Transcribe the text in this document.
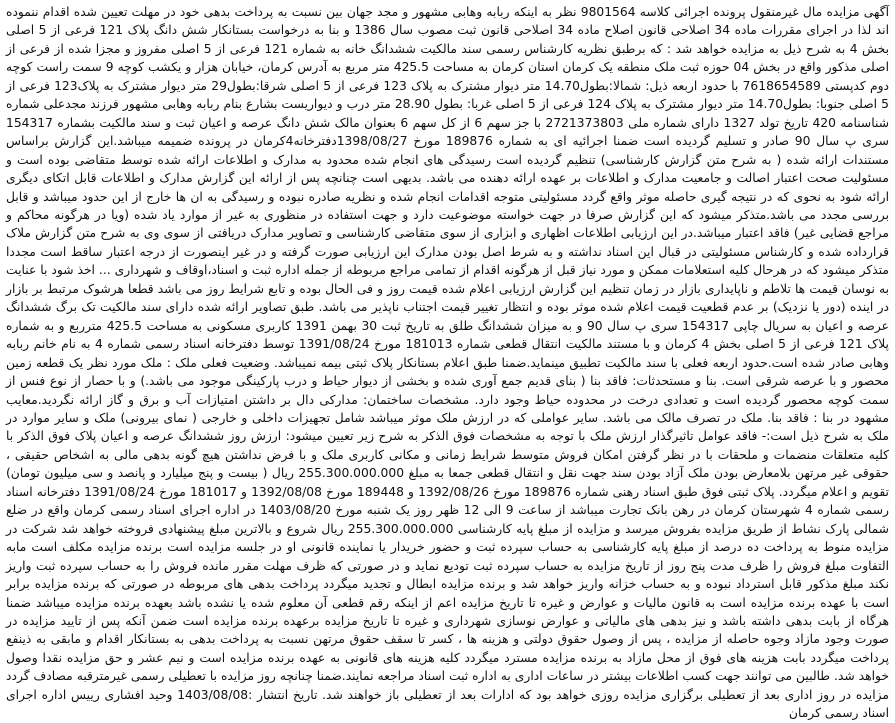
آگهی مزایده مال غیرمنقول پرونده اجرائی کلاسه 9801564 نظر به اینکه ربابه وهابی مشهور و مجد جهان بین نسبت به پرداخت بدهی خود در مهلت تعیین شده اقدام ننموده اند لذا در اجرای مقررات ماده 34 اصلاحی قانون اصلاح ماده 34 اصلاحی قانون ثبت مصوب سال 1386 و بنا به درخواست بستانکار شش دانگ پلاک 121 فرعی از 5 اصلی بخش 4 به شرح ذیل به مزایده خواهد شد : که برطبق نظریه کارشناس رسمی سند مالکیت ششدانگ خانه به شماره 121 فرعی از 5 اصلی مفروز و مجزا شده از فرعی از اصلی مذکور واقع در بخش 04 حوزه ثبت ملک منطقه یک کرمان استان کرمان به مساحت 425.5 متر مربع به آدرس کرمان، خیابان هزار و یکشب کوچه 9 سمت راست کوچه دوم کدپستی 7618654589 با حدود اربعه ذیل: شمالا:بطول14.70 متر دیوار مشترک به پلاک 123 فرعی از 5 اصلی شرقا:بطول29 متر دیوار مشترک به پلاک123 فرعی از 5 اصلی جنوبا: بطول14.70 متر دیوار مشترک به پلاک 124 فرعی از 5 اصلی غربا: بطول 28.90 متر درب و دیواریست بشارع بنام ربابه وهابی مشهور فرزند مجدعلی شماره شناسنامه 420 تاریخ تولد 1327 دارای شماره ملی 2721373803 با جز سهم 6 از کل سهم 6 بعنوان مالک شش دانگ عرصه و اعیان ثبت و سند مالکیت بشماره 154317 سری پ سال 90 صادر و تسلیم گردیده است ضمنا اجرائیه ای به شماره 189876 مورخ 1398/08/27دفترخانه4کرمان در پرونده ضمیمه میباشد.این گزارش براساس مستندات ارائه شده ( به شرح متن گزارش کارشناسی) تنظیم گردیده است رسیدگی های انجام شده محدود به مدارک و اطلاعات ارائه شده توسط متقاضی بوده است و مسئولیت صحت اعتبار اصالت و جامعیت مدارک و اطلاعات بر عهده ارائه دهنده می باشد. بدیهی است چنانچه پس از ارائه این گزارش مدارک و اطلاعات قابل اتکای دیگری ارائه شود به نحوی که در نتیجه گیری حاصله موثر واقع گردد مسئولیتی متوجه اقدامات انجام شده و نظریه صادره نبوده و رسیدگی به ان ها خارج از این حدود میباشد و قابل بررسی مجدد می باشد.متذکر میشود که این گزارش صرفا در جهت خواسته موضوعیت دارد و جهت استفاده در منظوری به غیر از موارد یاد شده (ویا در هرگونه محاکم و مراجع قضایی غیر) فاقد اعتبار میباشد.در این ارزیابی اطلاعات اظهاری و ابزاری از سوی متقاضی کارشناسی و تصاویر مدارک دریافتی از سوی وی به شرح متن گزارش ملاک قرارداده شده و کارشناس مسئولیتی در قبال این اسناد نداشته و به شرط اصل بودن مدارک این ارزیابی صورت گرفته و در غیر اینصورت از درجه اعتبار ساقط است مجددا متذکر میشود که در هرحال کلیه استعلامات ممکن و مورد نیاز قبل از هرگونه اقدام از تمامی مراجع مربوطه از جمله اداره ثبت و اسناد،اوقاف و شهرداری ... اخذ شود با عنایت به نوسان قیمت ها تلاطم و ناپایداری بازار در زمان تنظیم این گزارش ارزیابی اعلام شده قیمت روز و فی الحال بوده و تابع شرایط روز می باشد قطعا هرشوک مرتبط بر بازار در اینده (دور یا نزدیک) بر عدم قطعیت قیمت اعلام شده موثر بوده و انتظار تغییر قیمت اجتناب ناپذیر می باشد. طبق تصاویر ارائه شده دارای سند مالکیت تک برگ ششدانگ عرصه و اعیان به سریال چاپی 154317 سری پ سال 90 و به میزان ششدانگ طلق به تاریخ ثبت 30 بهمن 1391 کاربری مسکونی به مساحت 425.5 مترربع و به شماره پلاک 121 فرعی از 5 اصلی بخش 4 کرمان و با مستند مالکیت انتقال قطعی شماره 181013 مورخ 1391/08/24 توسط دفترخانه اسناد رسمی شماره 4 به نام خانم ربابه وهابی صادر شده است.حدود اربعه فعلی با سند مالکیت تطبیق مینماید.ضمنا طبق اعلام بستانکار پلاک ثبتی بیمه نمیباشد. وضعیت فعلی ملک : ملک مورد نظر یک قطعه زمین محصور و با عرصه شرقی است. بنا و مستحدثات: فاقد بنا ( بنای قدیم جمع آوری شده و بخشی از دیوار حیاط و درب پارکینگی موجود می باشد.) و با حصار از نوع فنس از سمت کوچه محصور گردیده است و تعدادی درخت در محدوده حیاط وجود دارد. مشخصات ساختمان: مدارکی دال بر داشتن امتیازات آب و برق و گاز ارائه نگردید.معایب مشهود در بنا : فاقد بنا. ملک در تصرف مالک می باشد. سایر عواملی که در ارزش ملک موثر میباشد شامل تجهیزات داخلی و خارجی ( نمای بیرونی) ملک و سایر موارد در ملک به شرح ذیل است:- فاقد عوامل تاثیرگذار ارزش ملک با توجه به مشخصات فوق الذکر به شرح زیر تعیین میشود: ارزش روز ششدانگ عرصه و اعیان پلاک فوق الذکر با کلیه متعلقات منضمات و ملحقات با در نظر گرفتن امکان فروش متوسط شرایط زمانی و مکانی کاربری ملک و با فرض نداشتن هیچ گونه بدهی مالی به اشخاص حقیقی ، حقوقی غیر مرتهن بلامعارض بودن ملک آزاد بودن سند جهت نقل و انتقال قطعی جمعا به مبلغ 255.300.000.000 ریال ( بیست و پنج میلیارد و پانصد و سی میلیون تومان) تقویم و اعلام میگردد. پلاک ثبتی فوق طبق اسناد رهنی شماره 189876 مورخ 1392/08/26 و 189448 مورخ 1392/08/08 و 181017 مورخ 1391/08/24 دفترخانه اسناد رسمی شماره 4 شهرستان کرمان در رهن بانک تجارت میباشد از ساعت 9 الی 12 ظهر روز یک شنبه مورخ 1403/08/20 در اداره اجرای اسناد رسمی کرمان واقع در ضلع شمالی پارک نشاط از طریق مزایده بفروش میرسد و مزایده از مبلغ پایه کارشناسی 255.300.000.000 ریال شروع و بالاترین مبلغ پیشنهادی فروخته خواهد شد شرکت در مزایده منوط به پرداخت ده درصد از مبلغ پایه کارشناسی به حساب سپرده ثبت و حضور خریدار یا نماینده قانونی او در جلسه مزایده است برنده مزایده مکلف است مابه التفاوت مبلغ فروش را ظرف مدت پنج روز از تاریخ مزایده به حساب سپرده ثبت تودیع نماید و در صورتی که ظرف مهلت مقرر مانده فروش را به حساب سپرده ثبت واریز نکند مبلغ مذکور قابل استرداد نبوده و به حساب خزانه واریز خواهد شد و برنده مزایده ابطال و تجدید میگردد پرداخت بدهی های مربوطه در صورتی که برنده مزایده برابر است با عهده برنده مزایده است به قانون مالیات و عوارض و غیره تا تاریخ مزایده اعم از اینکه رقم قطعی آن معلوم شده یا نشده باشد بعهده برنده مزایده میباشد ضمنا هرگاه از بابت بدهی داشته باشد و نیز بدهی های مالیاتی و عوارض نوسازی شهرداری و غیره تا تاریخ مزایده برعهده برنده مزایده است ضمن آنکه پس از تایید مزایده در صورت وجود مازاد وجوه حاصله از مزایده ، پس از وصول حقوق دولتی و هزینه ها ، کسر تا سقف حقوق مرتهن نسبت به پرداخت بدهی به بستانکار اقدام و مابقی به ذینفع پرداخت میگردد بابت هزینه های فوق از محل مازاد به برنده مزایده مسترد میگردد کلیه هزینه های قانونی به عهده برنده مزایده است و نیم عشر و حق مزایده نقدا وصول خواهد شد. طالبین می توانند جهت کسب اطلاعات بیشتر در ساعات اداری به اداره ثبت اسناد مراجعه نمایند.ضمنا چنانچه روز مزایده با تعطیلی رسمی غیرمترقبه مصادف گردد مزایده در روز اداری بعد از تعطیلی برگزاری مزایده روزی خواهد بود که ادارات بعد از تعطیلی باز خواهند شد. تاریخ انتشار :1403/08/08 وحید افشاری رییس اداره اجرای اسناد رسمی کرمان
